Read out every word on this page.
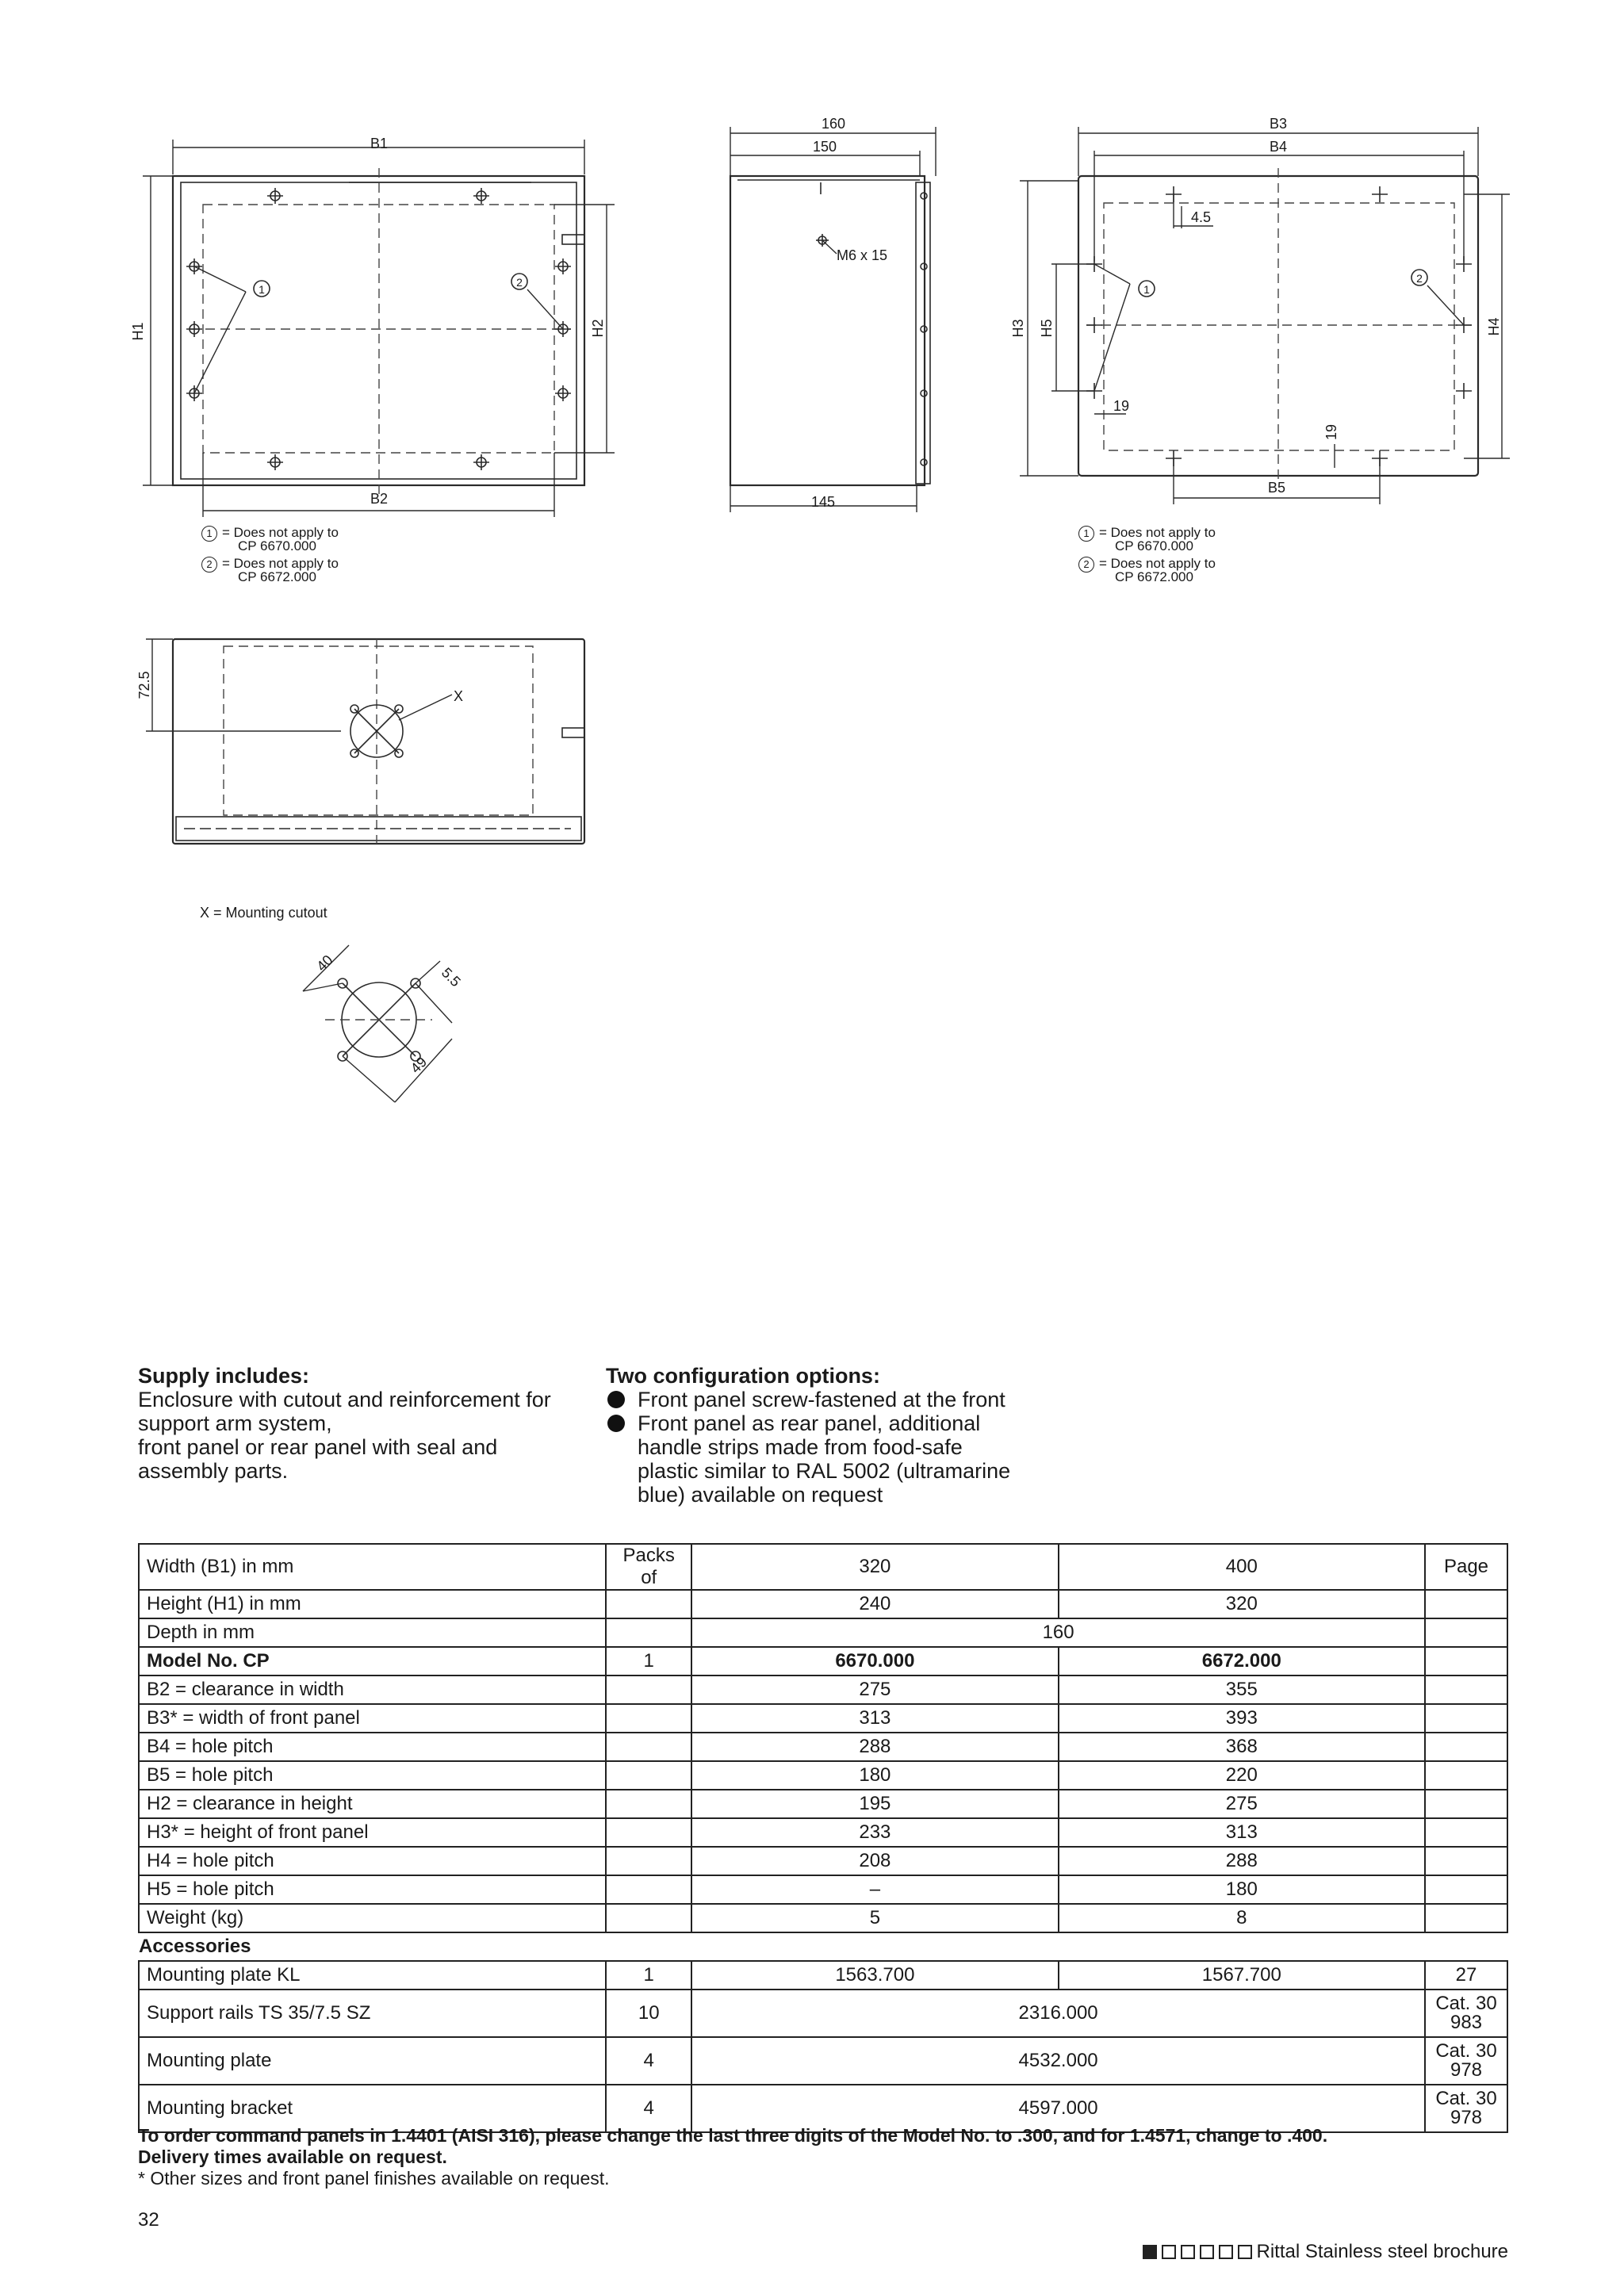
B1
H1
1
2
H2
B2
160
150
M6 x 15
145
B3
B4
H3 H5	H4
4.5
1
2
19
19
B5
72.5	X
X = Mounting cutout
40
5.5
49
1 = Does not apply to
CP 6670.000
2 = Does not apply to
CP 6672.000
1 = Does not apply to
CP 6670.000
2 = Does not apply to
CP 6672.000
Supply includes:
Enclosure with cutout and reinforcement for
support arm system,
front panel or rear panel with seal and
assembly parts.
Two configuration options:
Front panel screw-fastened at the front
Front panel as rear panel, additional
handle strips made from food-safe
plastic similar to RAL 5002 (ultramarine
blue) available on request
Width (B1) in mm	Packs of	320	400	Page
Height (H1) in mm		240	320	
Depth in mm		160		
Model No. CP	1	6670.000	6672.000	
B2 = clearance in width		275	355	
B3* = width of front panel		313	393	
B4 = hole pitch		288	368	
B5 = hole pitch		180	220	
H2 = clearance in height		195	275	
H3* = height of front panel		233	313	
H4 = hole pitch		208	288	
H5 = hole pitch		–	180	
Weight (kg)		5	8	
Accessories				
Mounting plate KL	1	1563.700	1567.700	27
Support rails TS 35/7.5 SZ	10	2316.000		Cat. 30
983

Mounting plate	4	4532.000		Cat. 30
978

Mounting bracket	4	4597.000		Cat. 30
978
To order command panels in 1.4401 (AISI 316), please change the last three digits of the Model No. to .300, and for 1.4571, change to .400.
Delivery times available on request.
* Other sizes and front panel finishes available on request.
32
Rittal Stainless steel brochure
